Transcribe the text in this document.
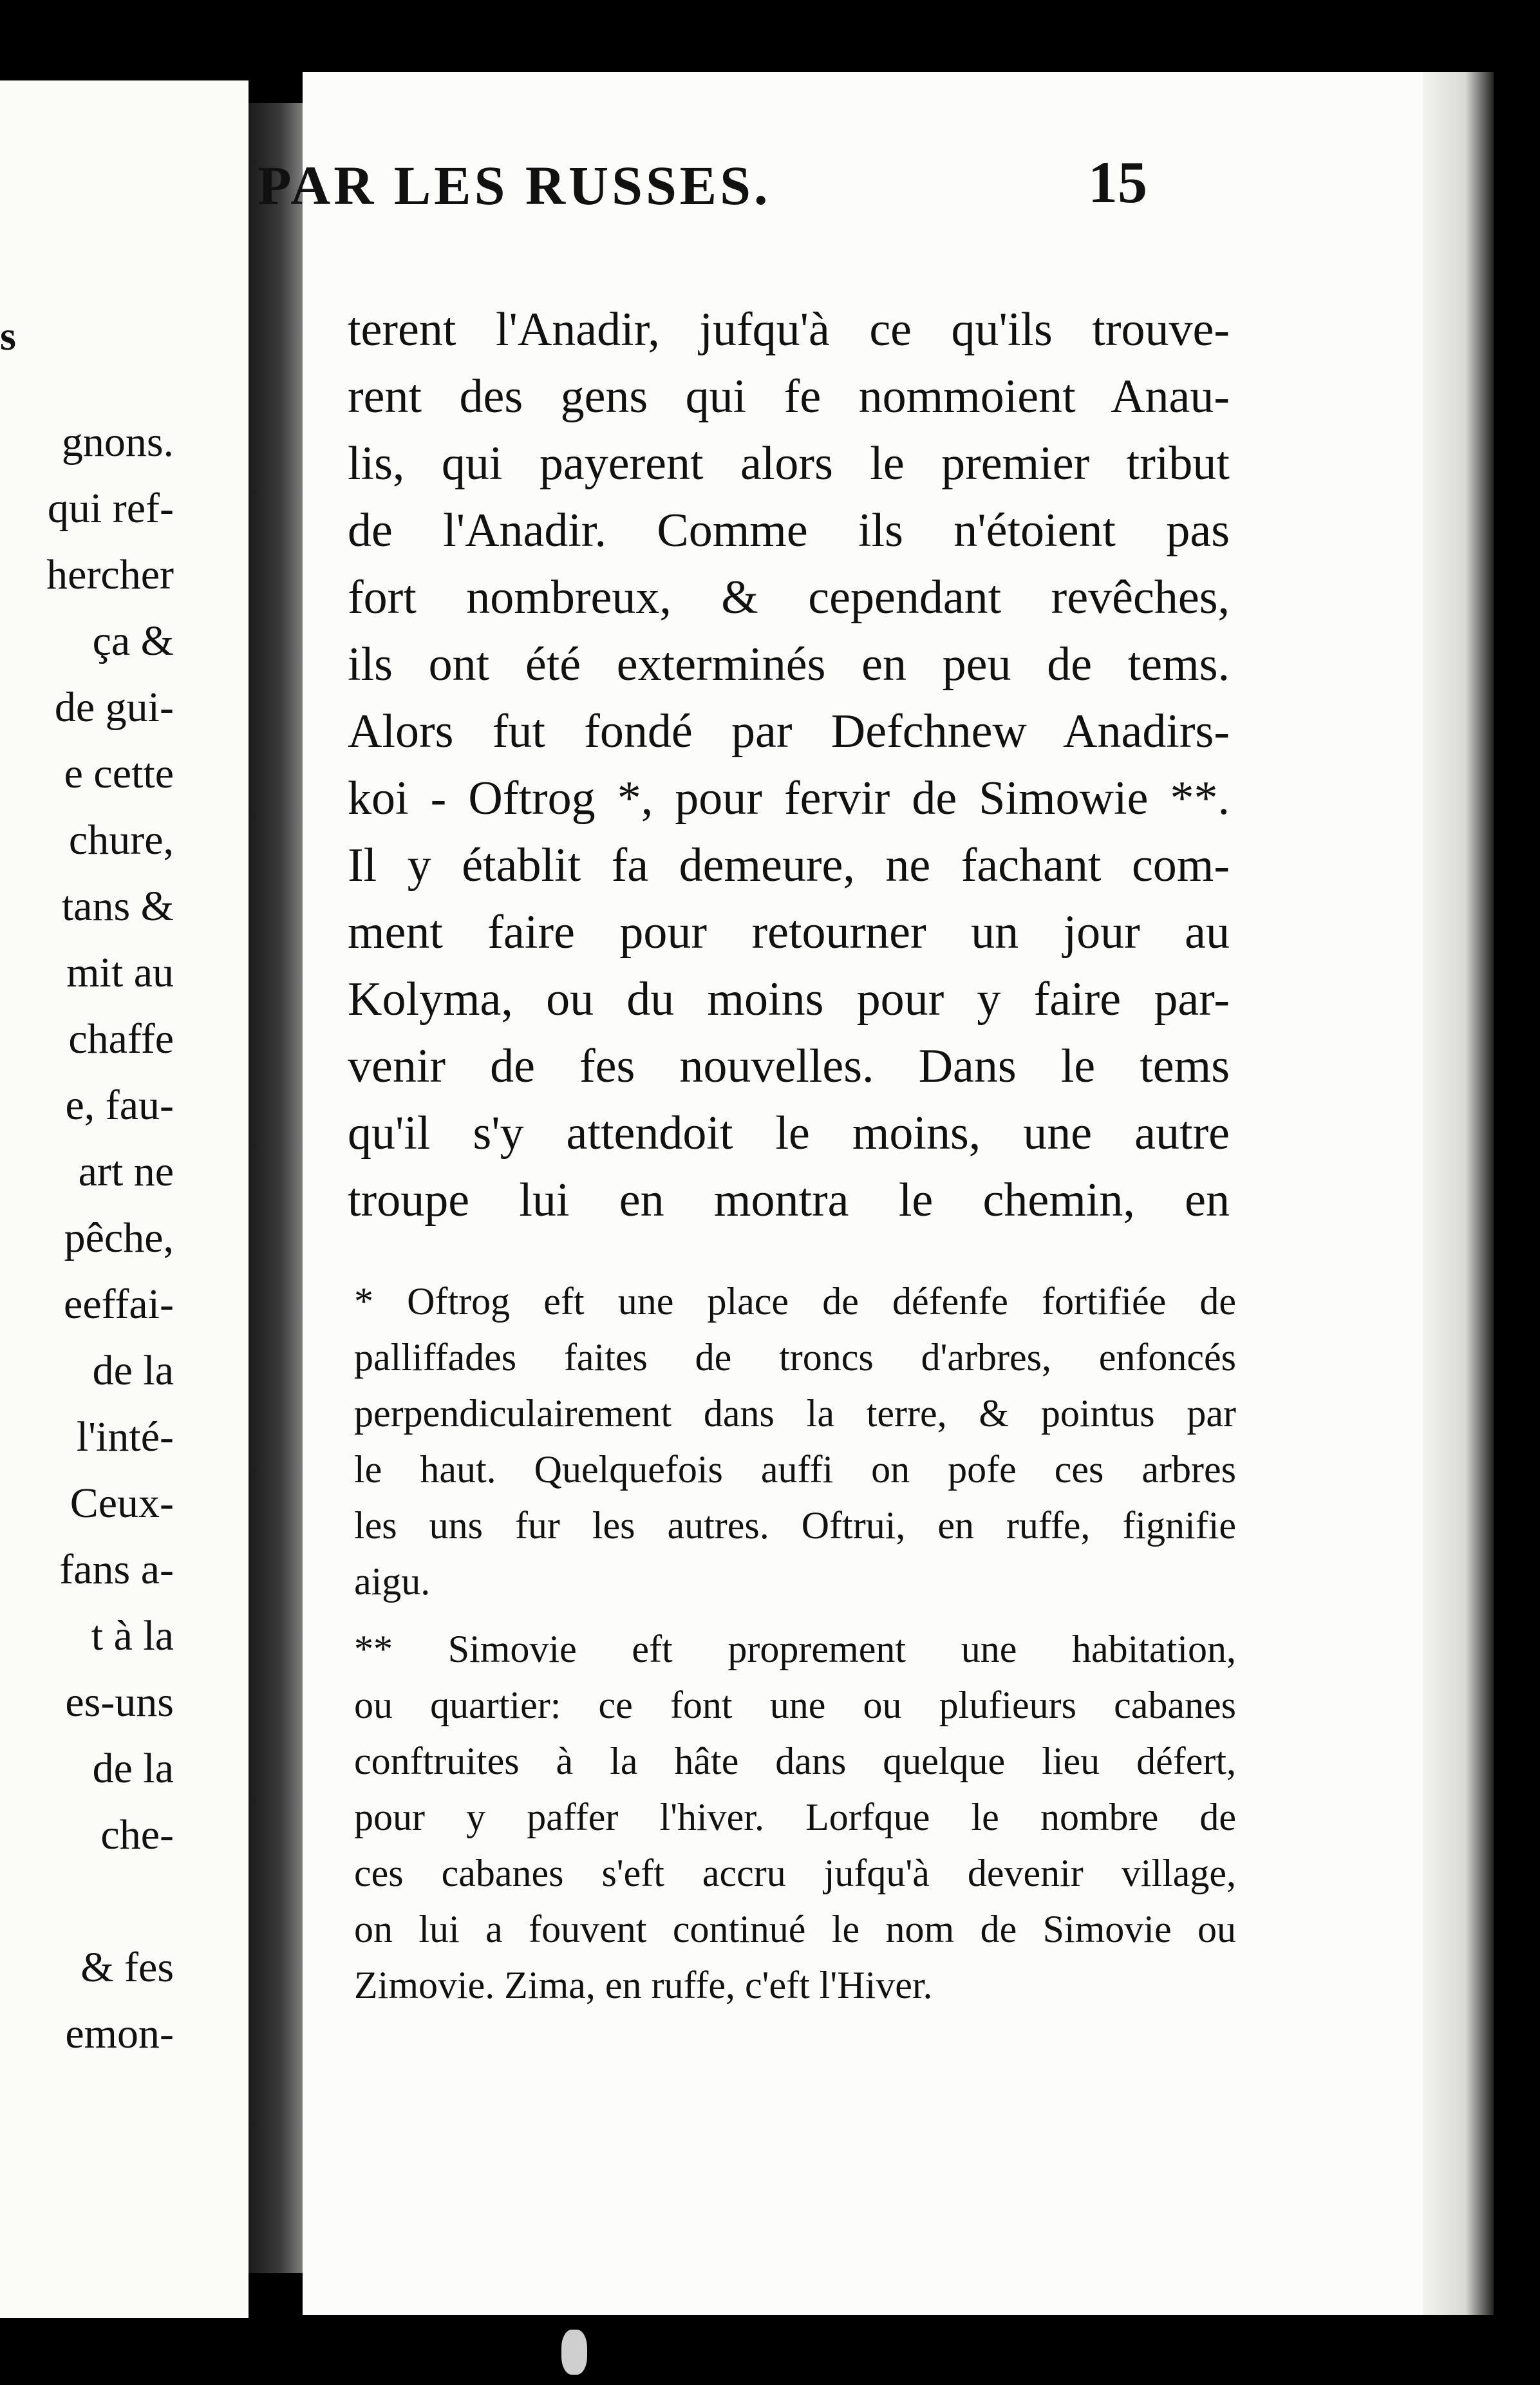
s
gnons.
qui ref-
hercher
ça &
de gui-
e cette
chure,
tans &
mit au
chaffe
e, fau-
art ne
pêche,
eeffai-
de la
l'inté-
Ceux-
fans a-
t à la
es-uns
de la
che-
& fes
emon-
PAR LES RUSSES.	15
terent l'Anadir, jufqu'à ce qu'ils trouve-
rent des gens qui fe nommoient Anau-
lis, qui payerent alors le premier tribut
de l'Anadir. Comme ils n'étoient pas
fort nombreux, & cependant revêches,
ils ont été exterminés en peu de tems.
Alors fut fondé par Defchnew Anadirs-
koi - Oftrog *, pour fervir de Simowie **.
Il y établit fa demeure, ne fachant com-
ment faire pour retourner un jour au
Kolyma, ou du moins pour y faire par-
venir de fes nouvelles. Dans le tems
qu'il s'y attendoit le moins, une autre
troupe lui en montra le chemin, en
* Oftrog eft une place de défenfe fortifiée de
palliffades faites de troncs d'arbres, enfoncés
perpendiculairement dans la terre, & pointus par
le haut. Quelquefois auffi on pofe ces arbres
les uns fur les autres. Oftrui, en ruffe, fignifie
aigu.
** Simovie eft proprement une habitation,
ou quartier: ce font une ou plufieurs cabanes
conftruites à la hâte dans quelque lieu défert,
pour y paffer l'hiver. Lorfque le nombre de
ces cabanes s'eft accru jufqu'à devenir village,
on lui a fouvent continué le nom de Simovie ou
Zimovie. Zima, en ruffe, c'eft l'Hiver.
